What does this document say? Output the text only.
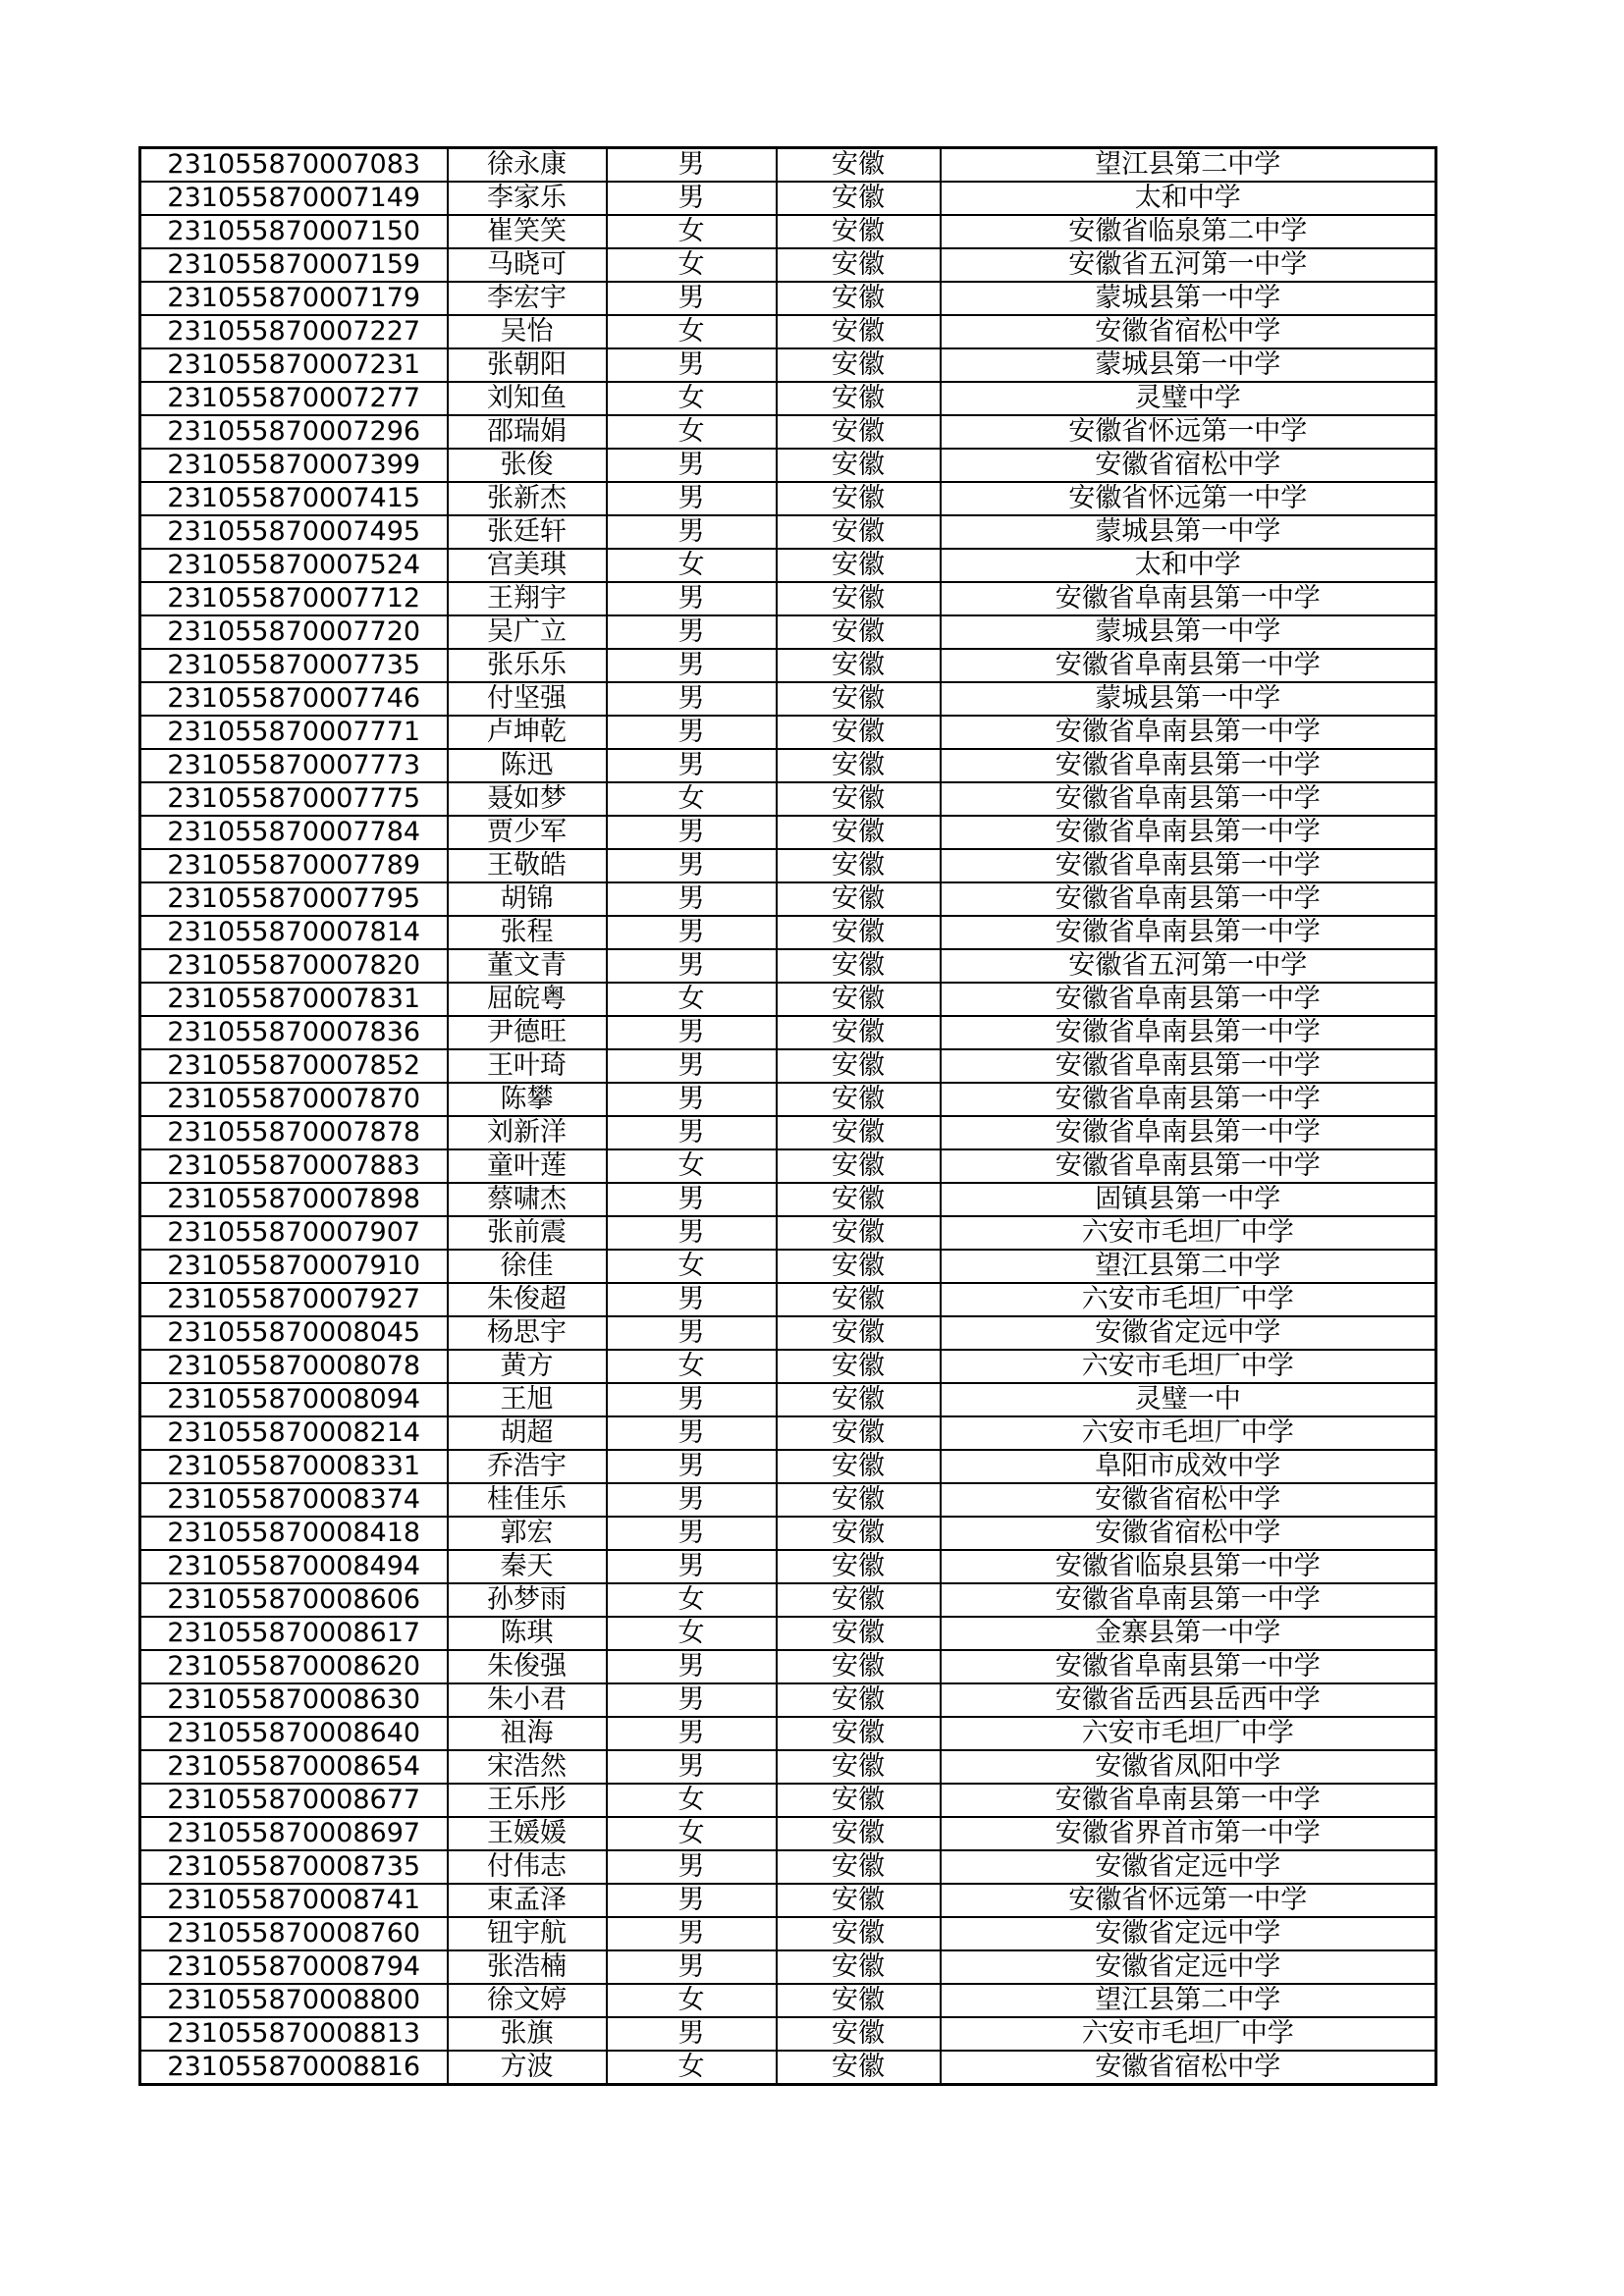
231055870007083	徐永康	男	安徽	望江县第二中学
231055870007149	李家乐	男	安徽	太和中学
231055870007150	崔笑笑	女	安徽	安徽省临泉第二中学
231055870007159	马晓可	女	安徽	安徽省五河第一中学
231055870007179	李宏宇	男	安徽	蒙城县第一中学
231055870007227	吴怡	女	安徽	安徽省宿松中学
231055870007231	张朝阳	男	安徽	蒙城县第一中学
231055870007277	刘知鱼	女	安徽	灵璧中学
231055870007296	邵瑞娟	女	安徽	安徽省怀远第一中学
231055870007399	张俊	男	安徽	安徽省宿松中学
231055870007415	张新杰	男	安徽	安徽省怀远第一中学
231055870007495	张廷轩	男	安徽	蒙城县第一中学
231055870007524	宫美琪	女	安徽	太和中学
231055870007712	王翔宇	男	安徽	安徽省阜南县第一中学
231055870007720	吴广立	男	安徽	蒙城县第一中学
231055870007735	张乐乐	男	安徽	安徽省阜南县第一中学
231055870007746	付坚强	男	安徽	蒙城县第一中学
231055870007771	卢坤乾	男	安徽	安徽省阜南县第一中学
231055870007773	陈迅	男	安徽	安徽省阜南县第一中学
231055870007775	聂如梦	女	安徽	安徽省阜南县第一中学
231055870007784	贾少军	男	安徽	安徽省阜南县第一中学
231055870007789	王敬皓	男	安徽	安徽省阜南县第一中学
231055870007795	胡锦	男	安徽	安徽省阜南县第一中学
231055870007814	张程	男	安徽	安徽省阜南县第一中学
231055870007820	董文青	男	安徽	安徽省五河第一中学
231055870007831	屈皖粤	女	安徽	安徽省阜南县第一中学
231055870007836	尹德旺	男	安徽	安徽省阜南县第一中学
231055870007852	王叶琦	男	安徽	安徽省阜南县第一中学
231055870007870	陈攀	男	安徽	安徽省阜南县第一中学
231055870007878	刘新洋	男	安徽	安徽省阜南县第一中学
231055870007883	童叶莲	女	安徽	安徽省阜南县第一中学
231055870007898	蔡啸杰	男	安徽	固镇县第一中学
231055870007907	张前震	男	安徽	六安市毛坦厂中学
231055870007910	徐佳	女	安徽	望江县第二中学
231055870007927	朱俊超	男	安徽	六安市毛坦厂中学
231055870008045	杨思宇	男	安徽	安徽省定远中学
231055870008078	黄方	女	安徽	六安市毛坦厂中学
231055870008094	王旭	男	安徽	灵璧一中
231055870008214	胡超	男	安徽	六安市毛坦厂中学
231055870008331	乔浩宇	男	安徽	阜阳市成效中学
231055870008374	桂佳乐	男	安徽	安徽省宿松中学
231055870008418	郭宏	男	安徽	安徽省宿松中学
231055870008494	秦天	男	安徽	安徽省临泉县第一中学
231055870008606	孙梦雨	女	安徽	安徽省阜南县第一中学
231055870008617	陈琪	女	安徽	金寨县第一中学
231055870008620	朱俊强	男	安徽	安徽省阜南县第一中学
231055870008630	朱小君	男	安徽	安徽省岳西县岳西中学
231055870008640	祖海	男	安徽	六安市毛坦厂中学
231055870008654	宋浩然	男	安徽	安徽省凤阳中学
231055870008677	王乐彤	女	安徽	安徽省阜南县第一中学
231055870008697	王媛媛	女	安徽	安徽省界首市第一中学
231055870008735	付伟志	男	安徽	安徽省定远中学
231055870008741	束孟泽	男	安徽	安徽省怀远第一中学
231055870008760	钮宇航	男	安徽	安徽省定远中学
231055870008794	张浩楠	男	安徽	安徽省定远中学
231055870008800	徐文婷	女	安徽	望江县第二中学
231055870008813	张旗	男	安徽	六安市毛坦厂中学
231055870008816	方波	女	安徽	安徽省宿松中学
